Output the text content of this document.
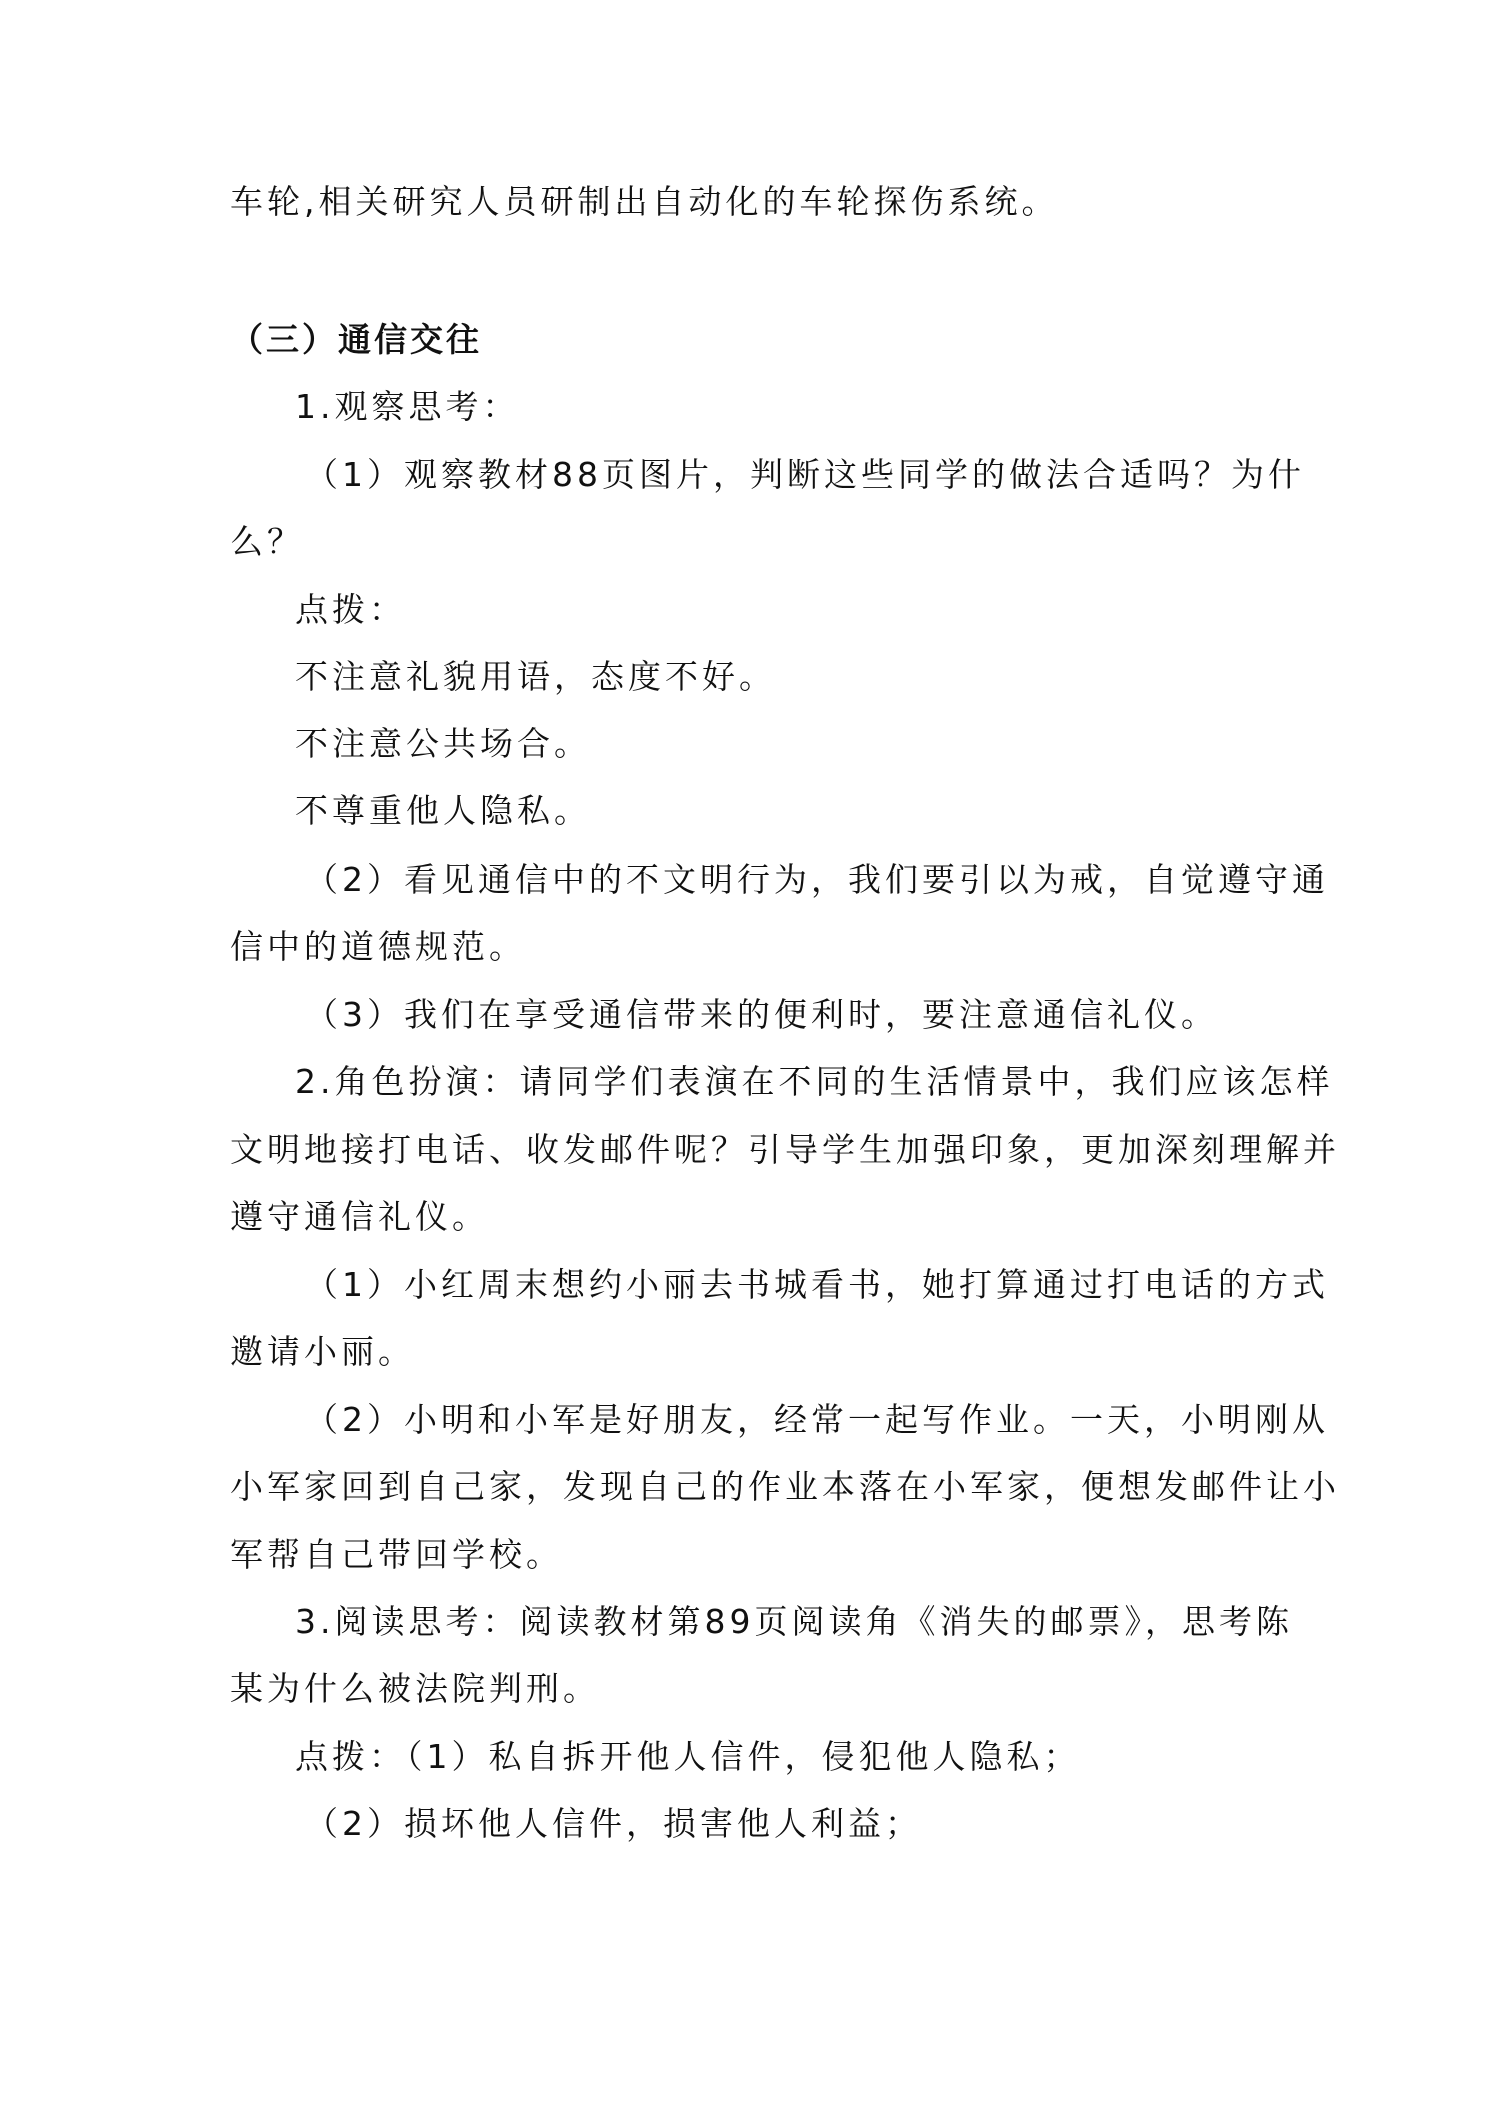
车轮,相关研究人员研制出自动化的车轮探伤系统。
（三）通信交往
1.观察思考：
（1）观察教材88页图片，判断这些同学的做法合适吗？为什
么？
点拨：
不注意礼貌用语，态度不好。
不注意公共场合。
不尊重他人隐私。
（2）看见通信中的不文明行为，我们要引以为戒，自觉遵守通
信中的道德规范。
（3）我们在享受通信带来的便利时，要注意通信礼仪。
2.角色扮演：请同学们表演在不同的生活情景中，我们应该怎样
文明地接打电话、收发邮件呢？引导学生加强印象，更加深刻理解并
遵守通信礼仪。
（1）小红周末想约小丽去书城看书，她打算通过打电话的方式
邀请小丽。
（2）小明和小军是好朋友，经常一起写作业。一天，小明刚从
小军家回到自己家，发现自己的作业本落在小军家，便想发邮件让小
军帮自己带回学校。
3.阅读思考：阅读教材第89页阅读角《消失的邮票》，思考陈
某为什么被法院判刑。
点拨：（1）私自拆开他人信件，侵犯他人隐私；
（2）损坏他人信件，损害他人利益；
